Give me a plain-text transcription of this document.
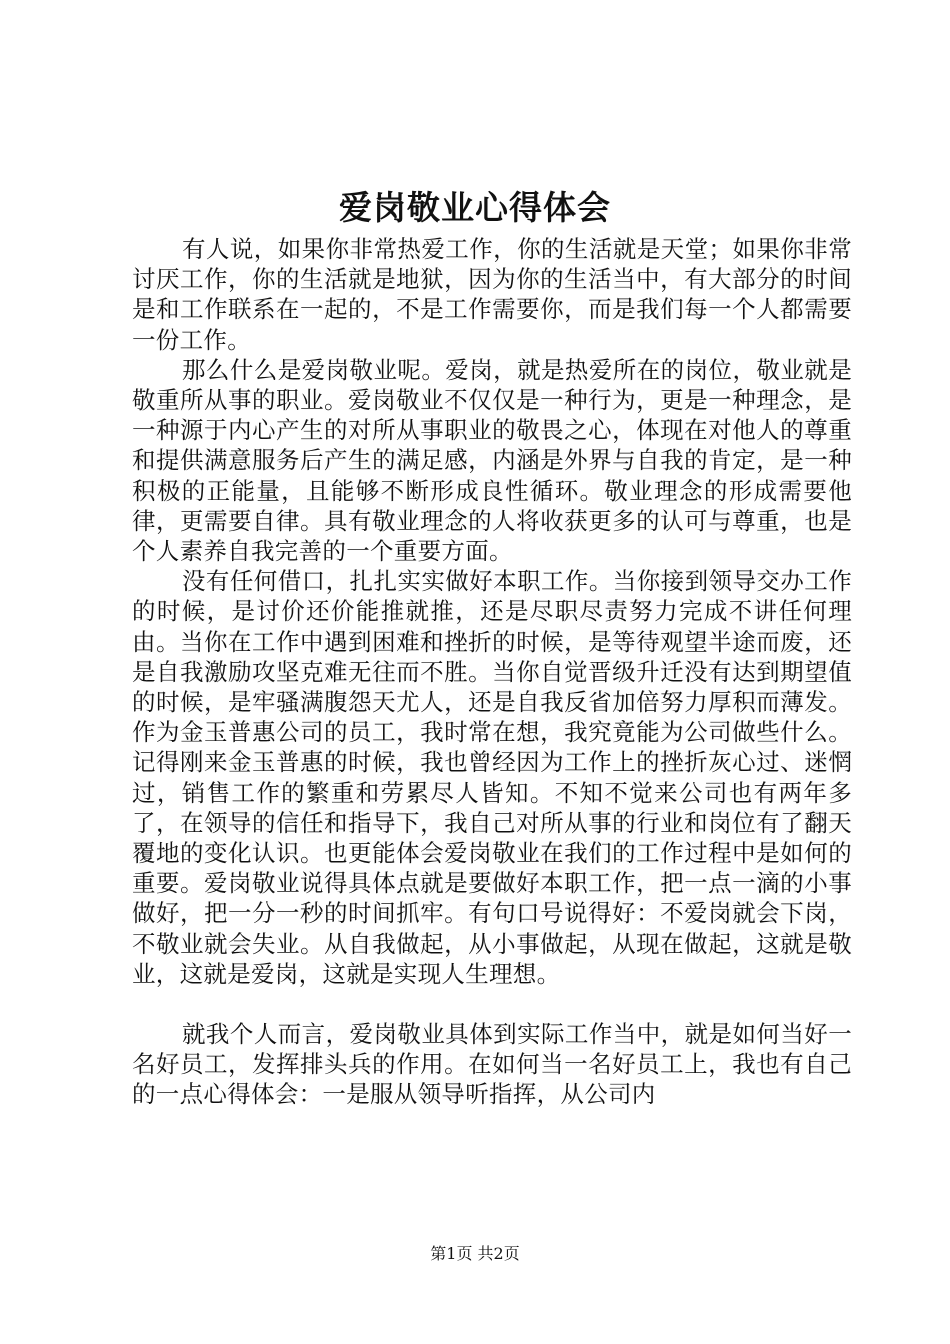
爱岗敬业心得体会

有人说，如果你非常热爱工作，你的生活就是天堂；如果你非常讨厌工作，你的生活就是地狱，因为你的生活当中，有大部分的时间是和工作联系在一起的，不是工作需要你，而是我们每一个人都需要一份工作。

那么什么是爱岗敬业呢。爱岗，就是热爱所在的岗位，敬业就是敬重所从事的职业。爱岗敬业不仅仅是一种行为，更是一种理念，是一种源于内心产生的对所从事职业的敬畏之心，体现在对他人的尊重和提供满意服务后产生的满足感，内涵是外界与自我的肯定，是一种积极的正能量，且能够不断形成良性循环。敬业理念的形成需要他律，更需要自律。具有敬业理念的人将收获更多的认可与尊重，也是个人素养自我完善的一个重要方面。

没有任何借口，扎扎实实做好本职工作。当你接到领导交办工作的时候，是讨价还价能推就推，还是尽职尽责努力完成不讲任何理由。当你在工作中遇到困难和挫折的时候，是等待观望半途而废，还是自我激励攻坚克难无往而不胜。当你自觉晋级升迁没有达到期望值的时候，是牢骚满腹怨天尤人，还是自我反省加倍努力厚积而薄发。作为金玉普惠公司的员工，我时常在想，我究竟能为公司做些什么。记得刚来金玉普惠的时候，我也曾经因为工作上的挫折灰心过、迷惘过，销售工作的繁重和劳累尽人皆知。不知不觉来公司也有两年多了，在领导的信任和指导下，我自己对所从事的行业和岗位有了翻天覆地的变化认识。也更能体会爱岗敬业在我们的工作过程中是如何的重要。爱岗敬业说得具体点就是要做好本职工作，把一点一滴的小事做好，把一分一秒的时间抓牢。有句口号说得好：不爱岗就会下岗，不敬业就会失业。从自我做起，从小事做起，从现在做起，这就是敬业，这就是爱岗，这就是实现人生理想。

就我个人而言，爱岗敬业具体到实际工作当中，就是如何当好一名好员工，发挥排头兵的作用。在如何当一名好员工上，我也有自己的一点心得体会：一是服从领导听指挥，从公司内

第1页 共2页
